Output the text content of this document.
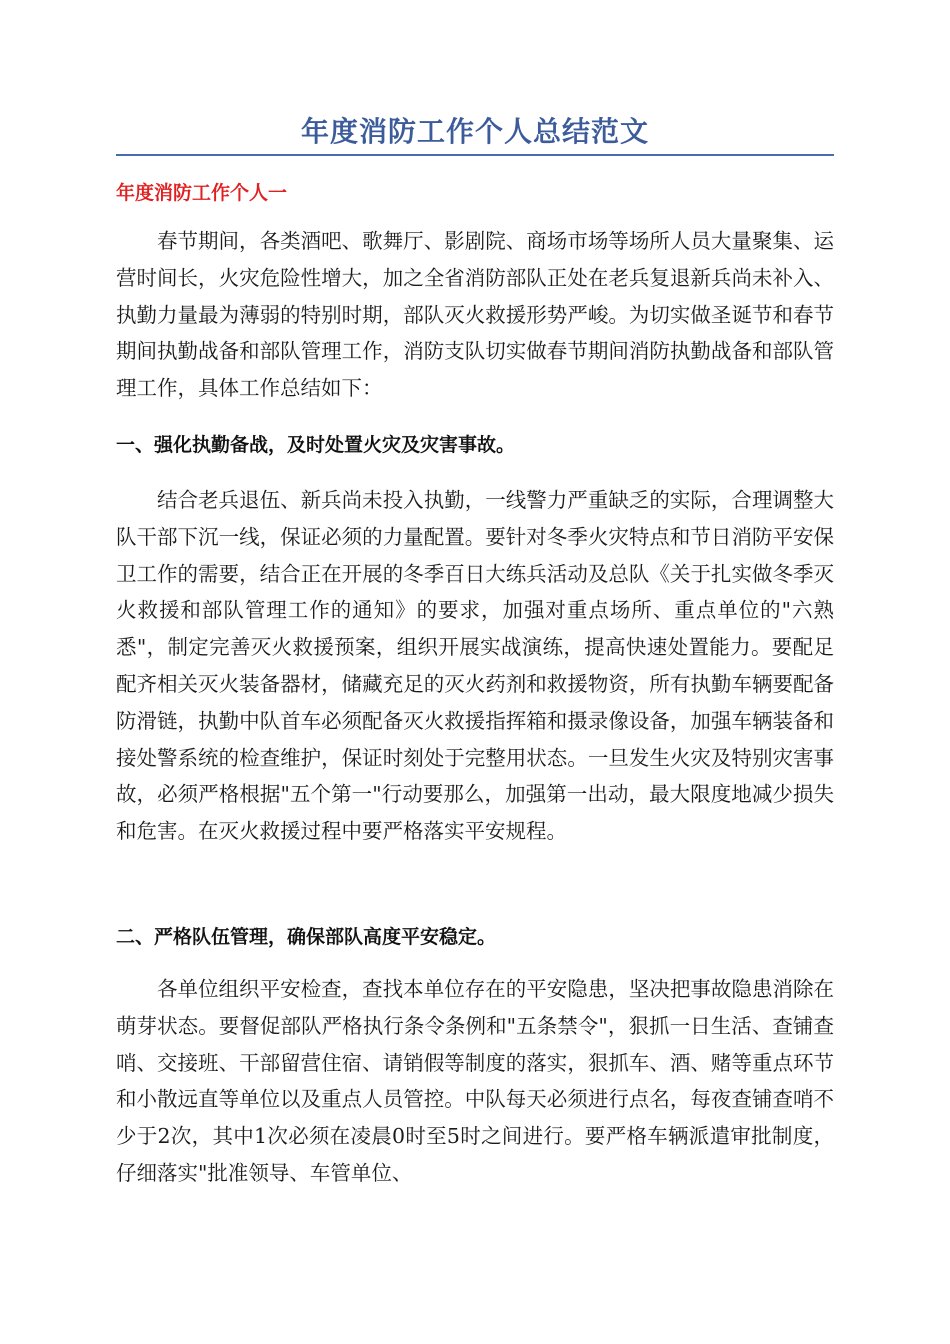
年度消防工作个人总结范文
年度消防工作个人一

春节期间，各类酒吧、歌舞厅、影剧院、商场市场等场所人员大量聚集、运营时间长，火灾危险性增大，加之全省消防部队正处在老兵复退新兵尚未补入、执勤力量最为薄弱的特别时期，部队灭火救援形势严峻。为切实做圣诞节和春节期间执勤战备和部队管理工作，消防支队切实做春节期间消防执勤战备和部队管理工作，具体工作总结如下：

一、强化执勤备战，及时处置火灾及灾害事故。

结合老兵退伍、新兵尚未投入执勤，一线警力严重缺乏的实际，合理调整大队干部下沉一线，保证必须的力量配置。要针对冬季火灾特点和节日消防平安保卫工作的需要，结合正在开展的冬季百日大练兵活动及总队《关于扎实做冬季灭火救援和部队管理工作的通知》的要求，加强对重点场所、重点单位的"六熟悉"，制定完善灭火救援预案，组织开展实战演练，提高快速处置能力。要配足配齐相关灭火装备器材，储藏充足的灭火药剂和救援物资，所有执勤车辆要配备防滑链，执勤中队首车必须配备灭火救援指挥箱和摄录像设备，加强车辆装备和接处警系统的检查维护，保证时刻处于完整用状态。一旦发生火灾及特别灾害事故，必须严格根据"五个第一"行动要那么，加强第一出动，最大限度地减少损失和危害。在灭火救援过程中要严格落实平安规程。

二、严格队伍管理，确保部队高度平安稳定。

各单位组织平安检查，查找本单位存在的平安隐患，坚决把事故隐患消除在萌芽状态。要督促部队严格执行条令条例和"五条禁令"，狠抓一日生活、查铺查哨、交接班、干部留营住宿、请销假等制度的落实，狠抓车、酒、赌等重点环节和小散远直等单位以及重点人员管控。中队每天必须进行点名，每夜查铺查哨不少于2次，其中1次必须在凌晨0时至5时之间进行。要严格车辆派遣审批制度，仔细落实"批准领导、车管单位、
